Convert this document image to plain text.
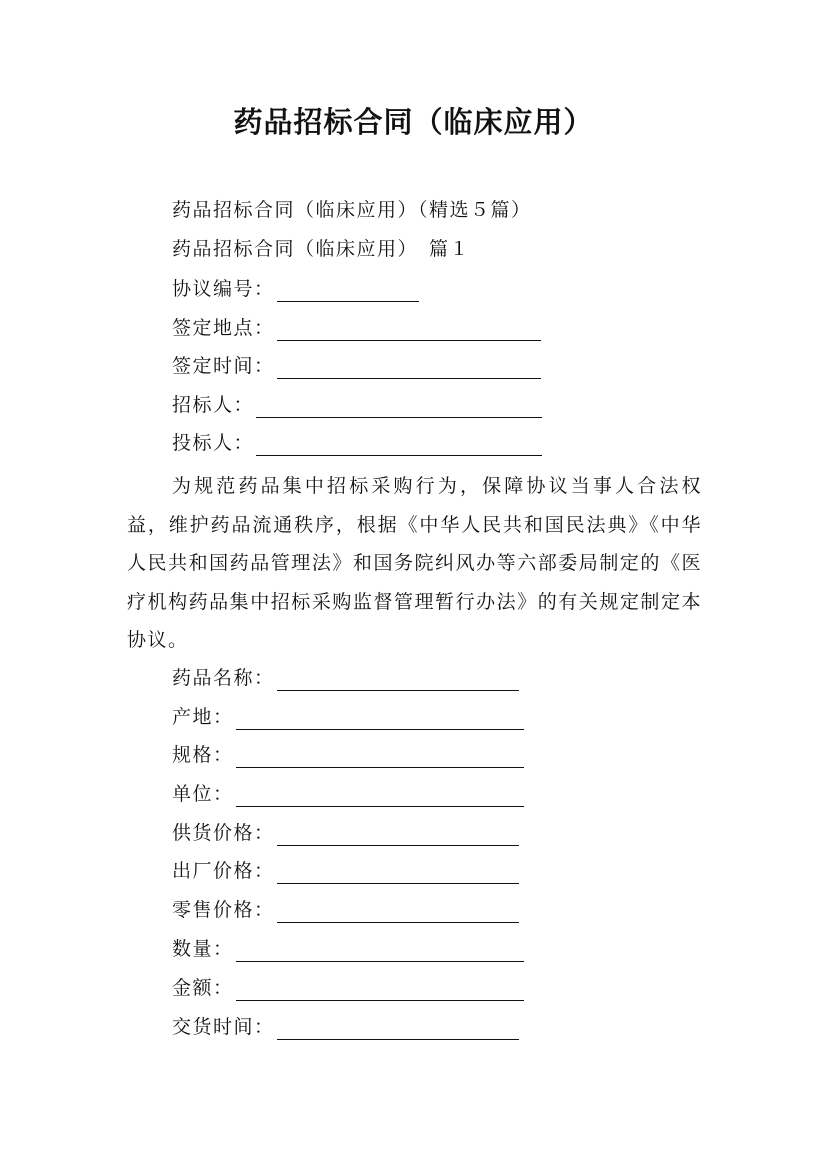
药品招标合同（临床应用）
药品招标合同（临床应用）（精选５篇）
药品招标合同（临床应用）　篇１
协议编号：
签定地点：
签定时间：
招标人：
投标人：

为规范药品集中招标采购行为，保障协议当事人合法权益，维护药品流通秩序，根据《中华人民共和国民法典》《中华人民共和国药品管理法》和国务院纠风办等六部委局制定的《医疗机构药品集中招标采购监督管理暂行办法》的有关规定制定本协议。

药品名称：
产地：
规格：
单位：
供货价格：
出厂价格：
零售价格：
数量：
金额：
交货时间：
